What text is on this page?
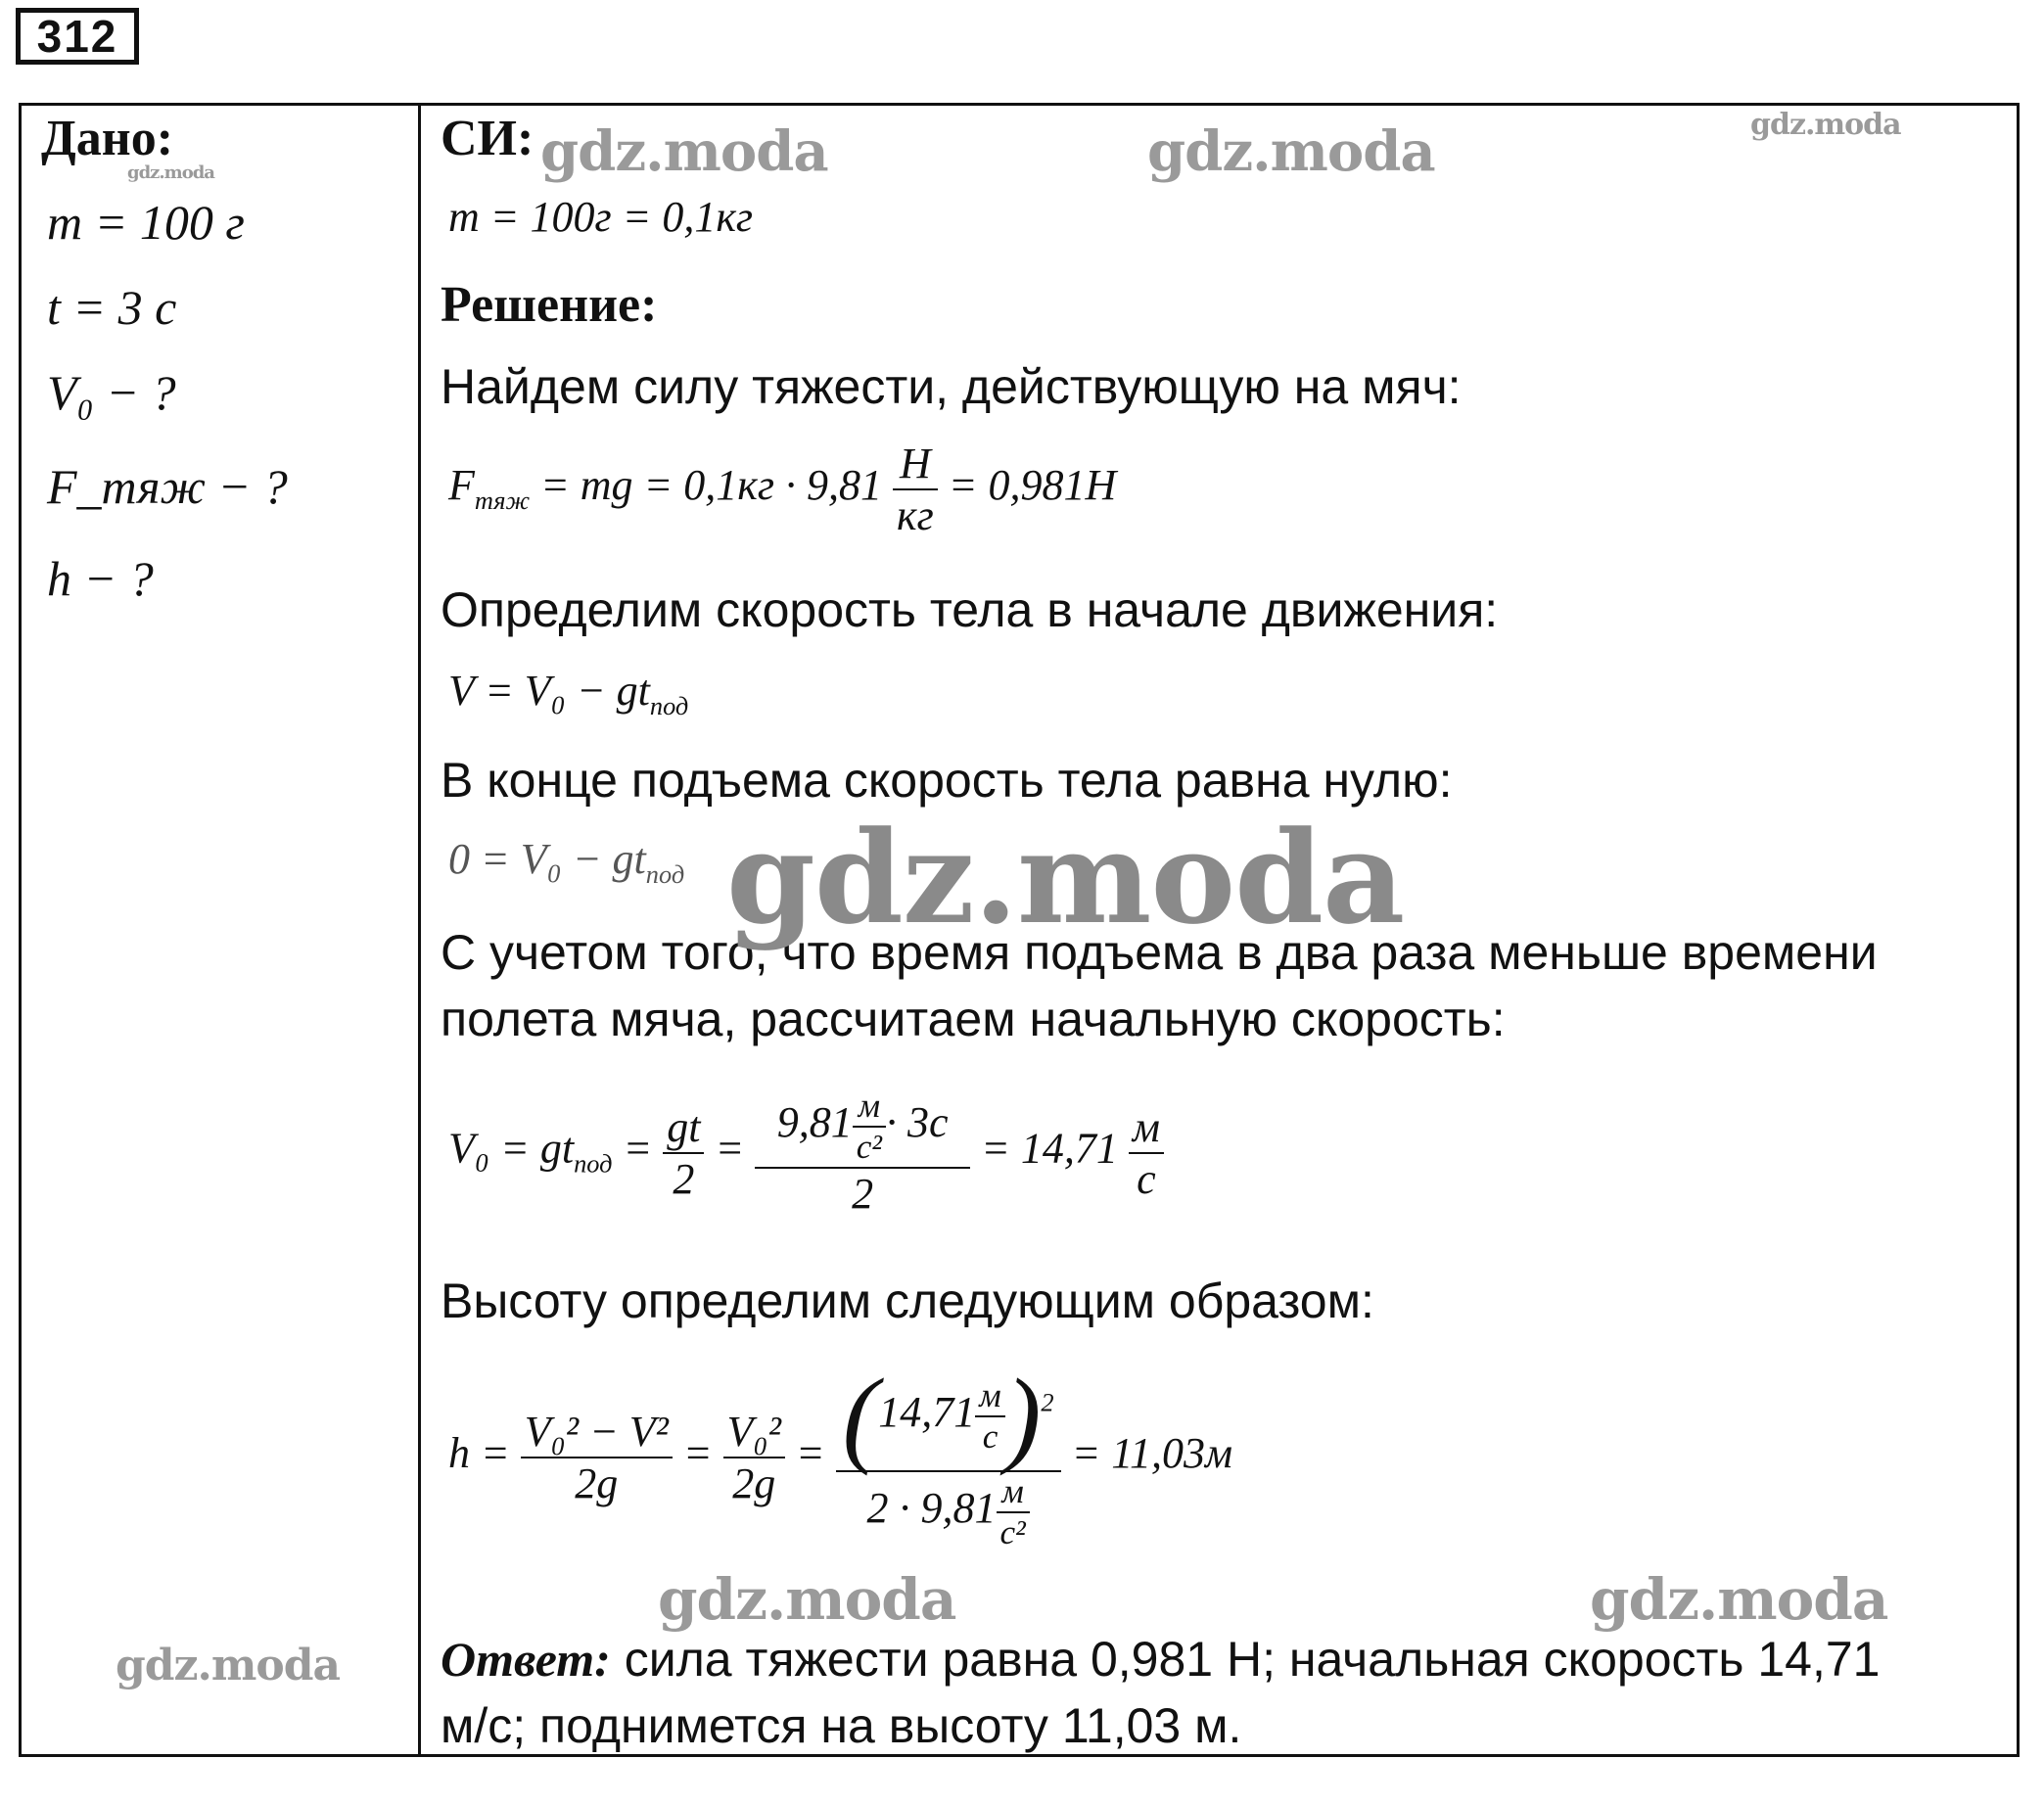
312
Дано:
m = 100 г
t = 3 с
V₀ − ?
F_тяж − ?
h − ?
СИ:
m = 100г = 0,1кг
Решение:
Найдем силу тяжести, действующую на мяч:
$F_{тяж}$ = mg = $0,1кг \cdot 9,81 \frac{Н}{кг} = 0,981Н$
Определим скорость тела в начале движения:
$V = V_0 - gt_{под}$
В конце подъема скорость тела равна нулю:
$0 = V_0 - gt_{под}$
С учетом того, что время подъема в два раза меньше времени
полета мяча, рассчитаем начальную скорость:
$V_0 = gt_{под} = \frac{gt}{2} = \frac{9,81 \frac{м}{\text{с²}} \cdot 3с}{2} = 14,71 \frac{м}{с}$
Высоту определим следующим образом:
$h = \frac{\text{V₀² − V²}}{2g} = \frac{\text{V₀²}}{2g} = \frac{(14,71 \frac{м}{с} )^2}{2 \cdot 9,81 \frac{м}{\text{с²}}} = 11,03м$
Ответ: сила тяжести равна 0,981 Н; начальная скорость 14,71
м/с; поднимется на высоту 11,03 м.
gdz.moda	gdz.moda	gdz.moda
gdz.moda
gdz.moda
gdz.moda	gdz.moda
gdz.moda
